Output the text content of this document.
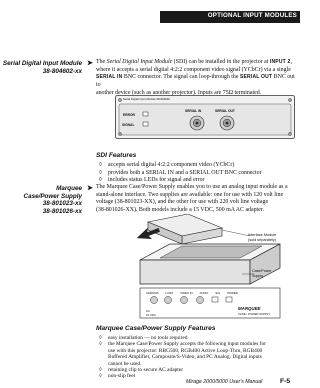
OPTIONAL INPUT MODULES
Serial Digital Input Module
38-804602-xx
➤ The Serial Digital Input Module (SDI) can be installed in the projector at INPUT 2,
where it accepts a serial digital 4:2:2 component video signal (YCbCr) via a single
SERIAL IN BNC connector. The signal can loop-through the SERIAL OUT BNC out to
another device (such as another projector). Inputs are 75Ω terminated.
Serial Digital Input Module 38-804602
ERROR
SIGNAL
SERIAL IN	SERIAL OUT
SDI Features
◊ accepts serial digital 4:2:2 component video (YCbCr)
◊ provides both a SERIAL IN and a SERIAL OUT BNC connector
◊ includes status LEDs for signal and error
Marquee
Case/Power Supply
38-801023-xx
38-801026-xx
➤ The Marquee Case/Power Supply enables you to use an analog input module as a
stand-alone interface. Two supplies are available: one for use with 120 volt line
voltage (38-801023-XX), and the other for use with 220 volt line voltage
(38-801026-XX). Both models include a 15 VDC, 500 mA AC adapter.
Interface Module
(sold separately)
Case/Power
Supply
CHROMA	LUMA	VIDEO IN	AUDIO	SIG	POWER
AC
15 VDC
MARQUEE
CASE / POWER SUPPLY
Marquee Case/Power Supply Features
◊ easy installation — no tools required
◊ the Marquee Case/Power Supply accepts the following input modules for
use with this projector: RBG500, RGB400 Active Loop-Thru, RGB400
Buffered Amplifier, Composite/S-Video, and PC Analog. Digital inputs
cannot be used.
◊ retaining clip to secure AC adapter
◊ non-slip feet
Mirage 2000/5000 User's Manual	F-5
